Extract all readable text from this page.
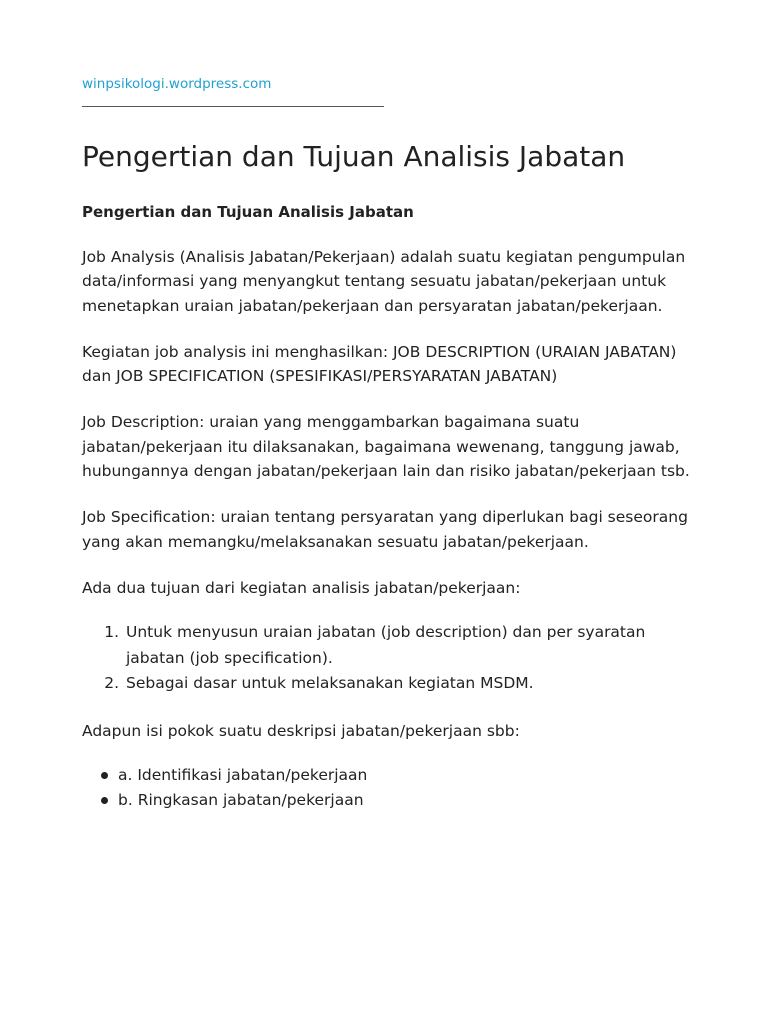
winpsikologi.wordpress.com
Pengertian dan Tujuan Analisis Jabatan
Pengertian dan Tujuan Analisis Jabatan

Job Analysis (Analisis Jabatan/Pekerjaan) adalah suatu kegiatan pengumpulan data/informasi yang menyangkut tentang sesuatu jabatan/pekerjaan untuk menetapkan uraian jabatan/pekerjaan dan persyaratan jabatan/pekerjaan.

Kegiatan job analysis ini menghasilkan: JOB DESCRIPTION (URAIAN JABATAN) dan JOB SPECIFICATION (SPESIFIKASI/PERSYARATAN JABATAN)

Job Description: uraian yang menggambarkan bagaimana suatu jabatan/pekerjaan itu dilaksanakan, bagaimana wewenang, tanggung jawab, hubungannya dengan jabatan/pekerjaan lain dan risiko jabatan/pekerjaan tsb.

Job Specification: uraian tentang persyaratan yang diperlukan bagi seseorang yang akan memangku/melaksanakan sesuatu jabatan/pekerjaan.

Ada dua tujuan dari kegiatan analisis jabatan/pekerjaan:

1. Untuk menyusun uraian jabatan (job description) dan per syaratan jabatan (job specification).
2. Sebagai dasar untuk melaksanakan kegiatan MSDM.

Adapun isi pokok suatu deskripsi jabatan/pekerjaan sbb:

a. Identifikasi jabatan/pekerjaan
b. Ringkasan jabatan/pekerjaan
